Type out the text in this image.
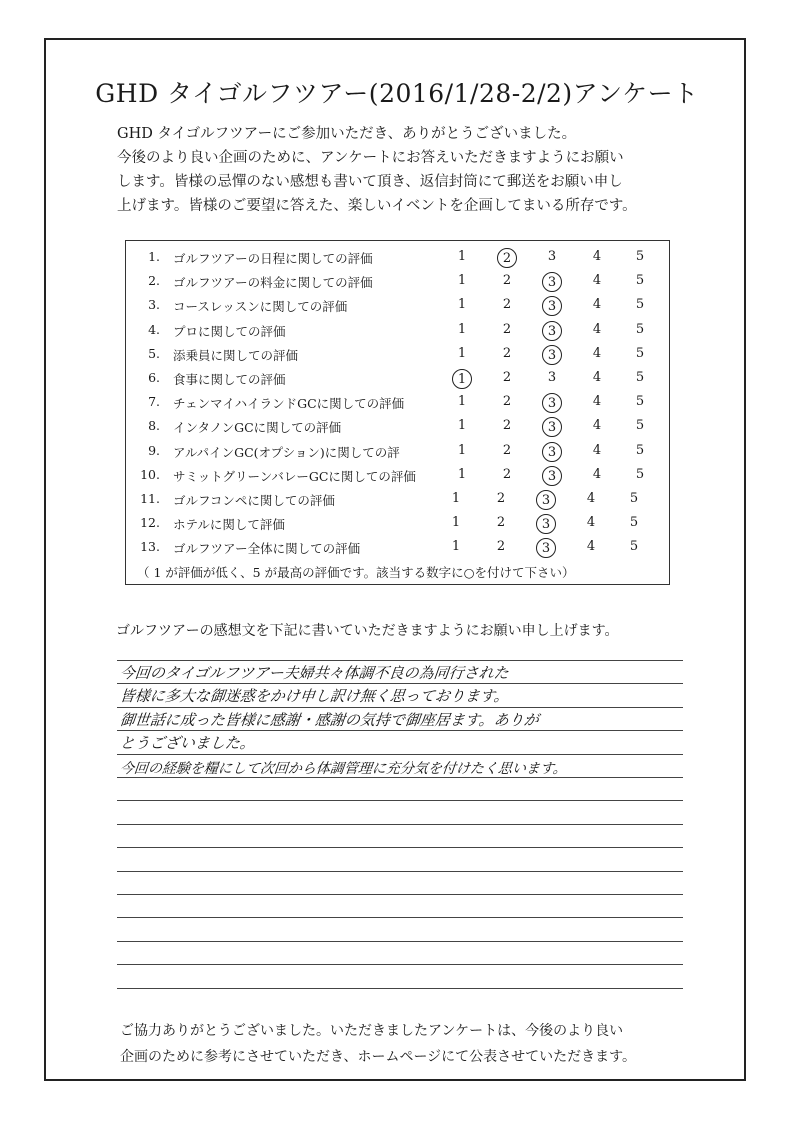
GHD タイゴルフツアー(2016/1/28-2/2)アンケート
GHD タイゴルフツアーにご参加いただき、ありがとうございました。
今後のより良い企画のために、アンケートにお答えいただきますようにお願い
します。皆様の忌憚のない感想も書いて頂き、返信封筒にて郵送をお願い申し
上げます。皆様のご要望に答えた、楽しいイベントを企画してまいる所存です。
1. ゴルフツアーの日程に関しての評価	1	2	3	4	5
2. ゴルフツアーの料金に関しての評価	1	2	3	4	5
3. コースレッスンに関しての評価	1	2	3	4	5
4. プロに関しての評価	1	2	3	4	5
5. 添乗員に関しての評価	1	2	3	4	5
6. 食事に関しての評価	1	2	3	4	5
7. チェンマイハイランドGCに関しての評価	1	2	3	4	5
8. インタノンGCに関しての評価	1	2	3	4	5
9. アルパインGC(オプション)に関しての評	1	2	3	4	5
10. サミットグリーンバレーGCに関しての評価	1	2	3	4	5
11. ゴルフコンペに関しての評価	1	2	3	4	5
12. ホテルに関して評価	1	2	3	4	5
13. ゴルフツアー全体に関しての評価	1	2	3	4	5
（ 1 が評価が低く、5 が最高の評価です。該当する数字に○を付けて下さい）
ゴルフツアーの感想文を下記に書いていただきますようにお願い申し上げます。
今回のタイゴルフツアー夫婦共々体調不良の為同行された
皆様に多大な御迷惑をかけ申し訳け無く思っております。
御世話に成った皆様に感謝・感謝の気持で御座居ます。ありが
とうございました。
今回の経験を糧にして次回から体調管理に充分気を付けたく思います。
ご協力ありがとうございました。いただきましたアンケートは、今後のより良い
企画のために参考にさせていただき、ホームページにて公表させていただきます。
